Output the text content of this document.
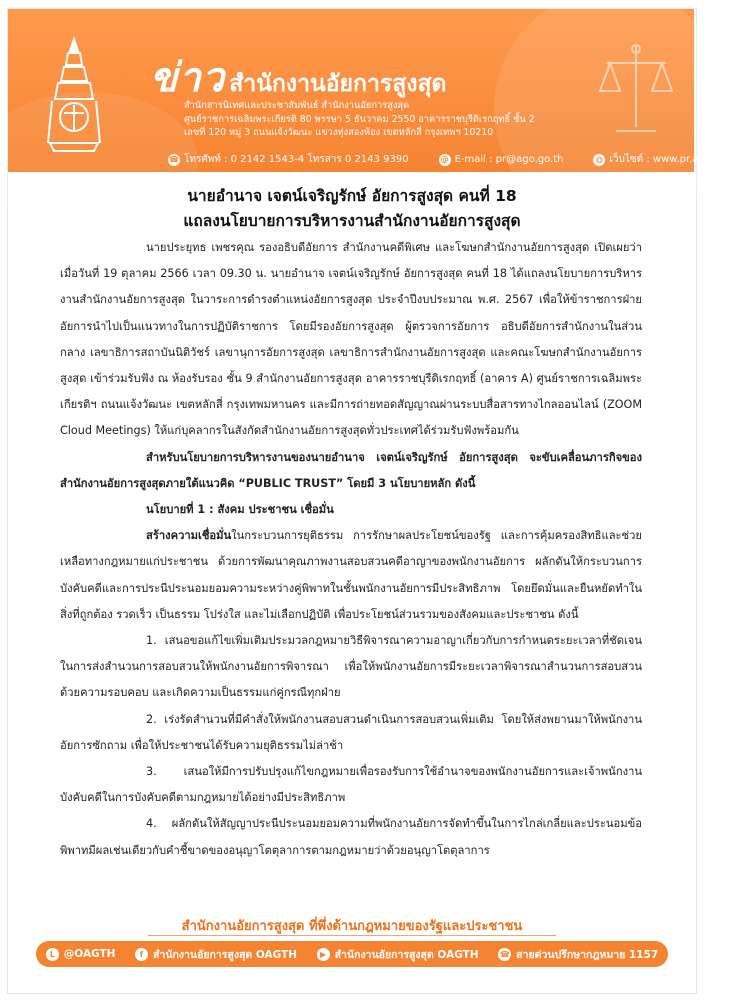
ข่าว สำนักงานอัยการสูงสุด
สำนักสารนิเทศและประชาสัมพันธ์ สำนักงานอัยการสูงสุด
ศูนย์ราชการเฉลิมพระเกียรติ 80 พรรษา 5 ธันวาคม 2550 อาคารราชบุรีดิเรกฤทธิ์ ชั้น 2
เลขที่ 120 หมู่ 3 ถนนแจ้งวัฒนะ แขวงทุ่งสองห้อง เขตหลักสี่ กรุงเทพฯ 10210
☎ โทรศัพท์ : 0 2142 1543-4 โทรสาร 0 2143 9390	@ E-mail : pr@ago.go.th	◍ เว็บไซต์ : www.pr.ago.go.th
นายอำนาจ เจตน์เจริญรักษ์ อัยการสูงสุด คนที่ 18
แถลงนโยบายการบริหารงานสำนักงานอัยการสูงสุด

นายประยุทธ เพชรคุณ รองอธิบดีอัยการ สำนักงานคดีพิเศษ และโฆษกสำนักงานอัยการสูงสุด เปิดเผยว่า เมื่อวันที่ 19 ตุลาคม 2566 เวลา 09.30 น. นายอำนาจ เจตน์เจริญรักษ์ อัยการสูงสุด คนที่ 18 ได้แถลงนโยบายการบริหารงานสำนักงานอัยการสูงสุด ในวาระการดำรงตำแหน่งอัยการสูงสุด ประจำปีงบประมาณ พ.ศ. 2567 เพื่อให้ข้าราชการฝ่ายอัยการนำไปเป็นแนวทางในการปฏิบัติราชการ โดยมีรองอัยการสูงสุด ผู้ตรวจการอัยการ อธิบดีอัยการสำนักงานในส่วนกลาง เลขาธิการสถาบันนิติวัชร์ เลขานุการอัยการสูงสุด เลขาธิการสำนักงานอัยการสูงสุด และคณะโฆษกสำนักงานอัยการสูงสุด เข้าร่วมรับฟัง ณ ห้องรับรอง ชั้น 9 สำนักงานอัยการสูงสุด อาคารราชบุรีดิเรกฤทธิ์ (อาคาร A) ศูนย์ราชการเฉลิมพระเกียรติฯ ถนนแจ้งวัฒนะ เขตหลักสี่ กรุงเทพมหานคร และมีการถ่ายทอดสัญญาณผ่านระบบสื่อสารทางไกลออนไลน์ (ZOOM Cloud Meetings) ให้แก่บุคลากรในสังกัดสำนักงานอัยการสูงสุดทั่วประเทศได้ร่วมรับฟังพร้อมกัน

สำหรับนโยบายการบริหารงานของนายอำนาจ เจตน์เจริญรักษ์ อัยการสูงสุด จะขับเคลื่อนภารกิจของสำนักงานอัยการสูงสุดภายใต้แนวคิด “PUBLIC TRUST” โดยมี 3 นโยบายหลัก ดังนี้

นโยบายที่ 1 : สังคม ประชาชน เชื่อมั่น

สร้างความเชื่อมั่นในกระบวนการยุติธรรม การรักษาผลประโยชน์ของรัฐ และการคุ้มครองสิทธิและช่วยเหลือทางกฎหมายแก่ประชาชน ด้วยการพัฒนาคุณภาพงานสอบสวนคดีอาญาของพนักงานอัยการ ผลักดันให้กระบวนการบังคับคดีและการประนีประนอมยอมความระหว่างคู่พิพาทในชั้นพนักงานอัยการมีประสิทธิภาพ โดยยึดมั่นและยืนหยัดทำในสิ่งที่ถูกต้อง รวดเร็ว เป็นธรรม โปร่งใส และไม่เลือกปฏิบัติ เพื่อประโยชน์ส่วนรวมของสังคมและประชาชน ดังนี้

1. เสนอขอแก้ไขเพิ่มเติมประมวลกฎหมายวิธีพิจารณาความอาญาเกี่ยวกับการกำหนดระยะเวลาที่ชัดเจนในการส่งสำนวนการสอบสวนให้พนักงานอัยการพิจารณา เพื่อให้พนักงานอัยการมีระยะเวลาพิจารณาสำนวนการสอบสวนด้วยความรอบคอบ และเกิดความเป็นธรรมแก่คู่กรณีทุกฝ่าย

2. เร่งรัดสำนวนที่มีคำสั่งให้พนักงานสอบสวนดำเนินการสอบสวนเพิ่มเติม โดยให้ส่งพยานมาให้พนักงานอัยการซักถาม เพื่อให้ประชาชนได้รับความยุติธรรมไม่ล่าช้า

3. เสนอให้มีการปรับปรุงแก้ไขกฎหมายเพื่อรองรับการใช้อำนาจของพนักงานอัยการและเจ้าพนักงานบังคับคดีในการบังคับคดีตามกฎหมายได้อย่างมีประสิทธิภาพ

4. ผลักดันให้สัญญาประนีประนอมยอมความที่พนักงานอัยการจัดทำขึ้นในการไกล่เกลี่ยและประนอมข้อพิพาทมีผลเช่นเดียวกับคำชี้ขาดของอนุญาโตตุลาการตามกฎหมายว่าด้วยอนุญาโตตุลาการ

สำนักงานอัยการสูงสุด ที่พึ่งด้านกฎหมายของรัฐและประชาชน
L @OAGTH	f สำนักงานอัยการสูงสุด OAGTH	▶ สำนักงานอัยการสูงสุด OAGTH	☎ สายด่วนปรึกษากฎหมาย 1157
